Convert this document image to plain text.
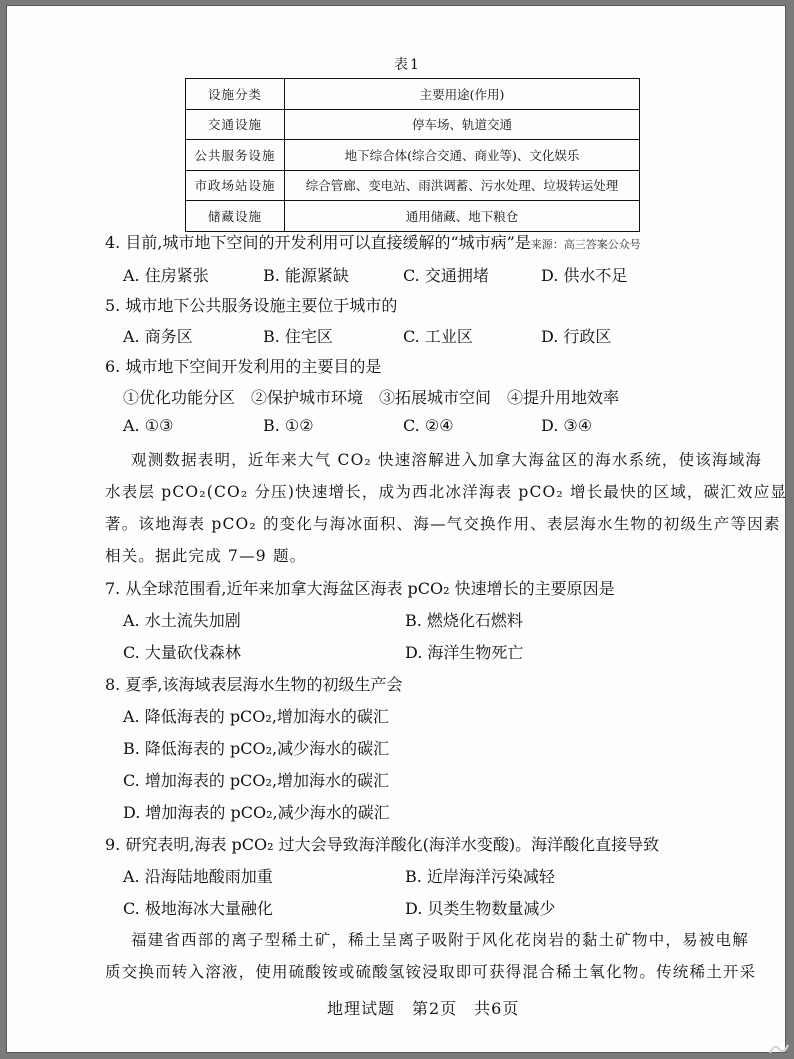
表1
设施分类	主要用途(作用)
交通设施	停车场、轨道交通
公共服务设施	地下综合体(综合交通、商业等)、文化娱乐
市政场站设施	综合管廊、变电站、雨洪调蓄、污水处理、垃圾转运处理
储藏设施	通用储藏、地下粮仓
4. 目前,城市地下空间的开发利用可以直接缓解的“城市病”是来源：高三答案公众号
A. 住房紧张	B. 能源紧缺	C. 交通拥堵	D. 供水不足
5. 城市地下公共服务设施主要位于城市的
A. 商务区	B. 住宅区	C. 工业区	D. 行政区
6. 城市地下空间开发利用的主要目的是
①优化功能分区　②保护城市环境　③拓展城市空间　④提升用地效率
A. ①③	B. ①②	C. ②④	D. ③④
观测数据表明，近年来大气 CO₂ 快速溶解进入加拿大海盆区的海水系统，使该海域海
水表层 pCO₂(CO₂ 分压)快速增长，成为西北冰洋海表 pCO₂ 增长最快的区域，碳汇效应显
著。该地海表 pCO₂ 的变化与海冰面积、海—气交换作用、表层海水生物的初级生产等因素
相关。据此完成 7—9 题。
7. 从全球范围看,近年来加拿大海盆区海表 pCO₂ 快速增长的主要原因是
A. 水土流失加剧	B. 燃烧化石燃料
C. 大量砍伐森林	D. 海洋生物死亡
8. 夏季,该海域表层海水生物的初级生产会
A. 降低海表的 pCO₂,增加海水的碳汇
B. 降低海表的 pCO₂,减少海水的碳汇
C. 增加海表的 pCO₂,增加海水的碳汇
D. 增加海表的 pCO₂,减少海水的碳汇
9. 研究表明,海表 pCO₂ 过大会导致海洋酸化(海洋水变酸)。海洋酸化直接导致
A. 沿海陆地酸雨加重	B. 近岸海洋污染减轻
C. 极地海冰大量融化	D. 贝类生物数量减少
福建省西部的离子型稀土矿，稀土呈离子吸附于风化花岗岩的黏土矿物中，易被电解
质交换而转入溶液，使用硫酸铵或硫酸氢铵浸取即可获得混合稀土氧化物。传统稀土开采
地理试题　第2页　共6页
